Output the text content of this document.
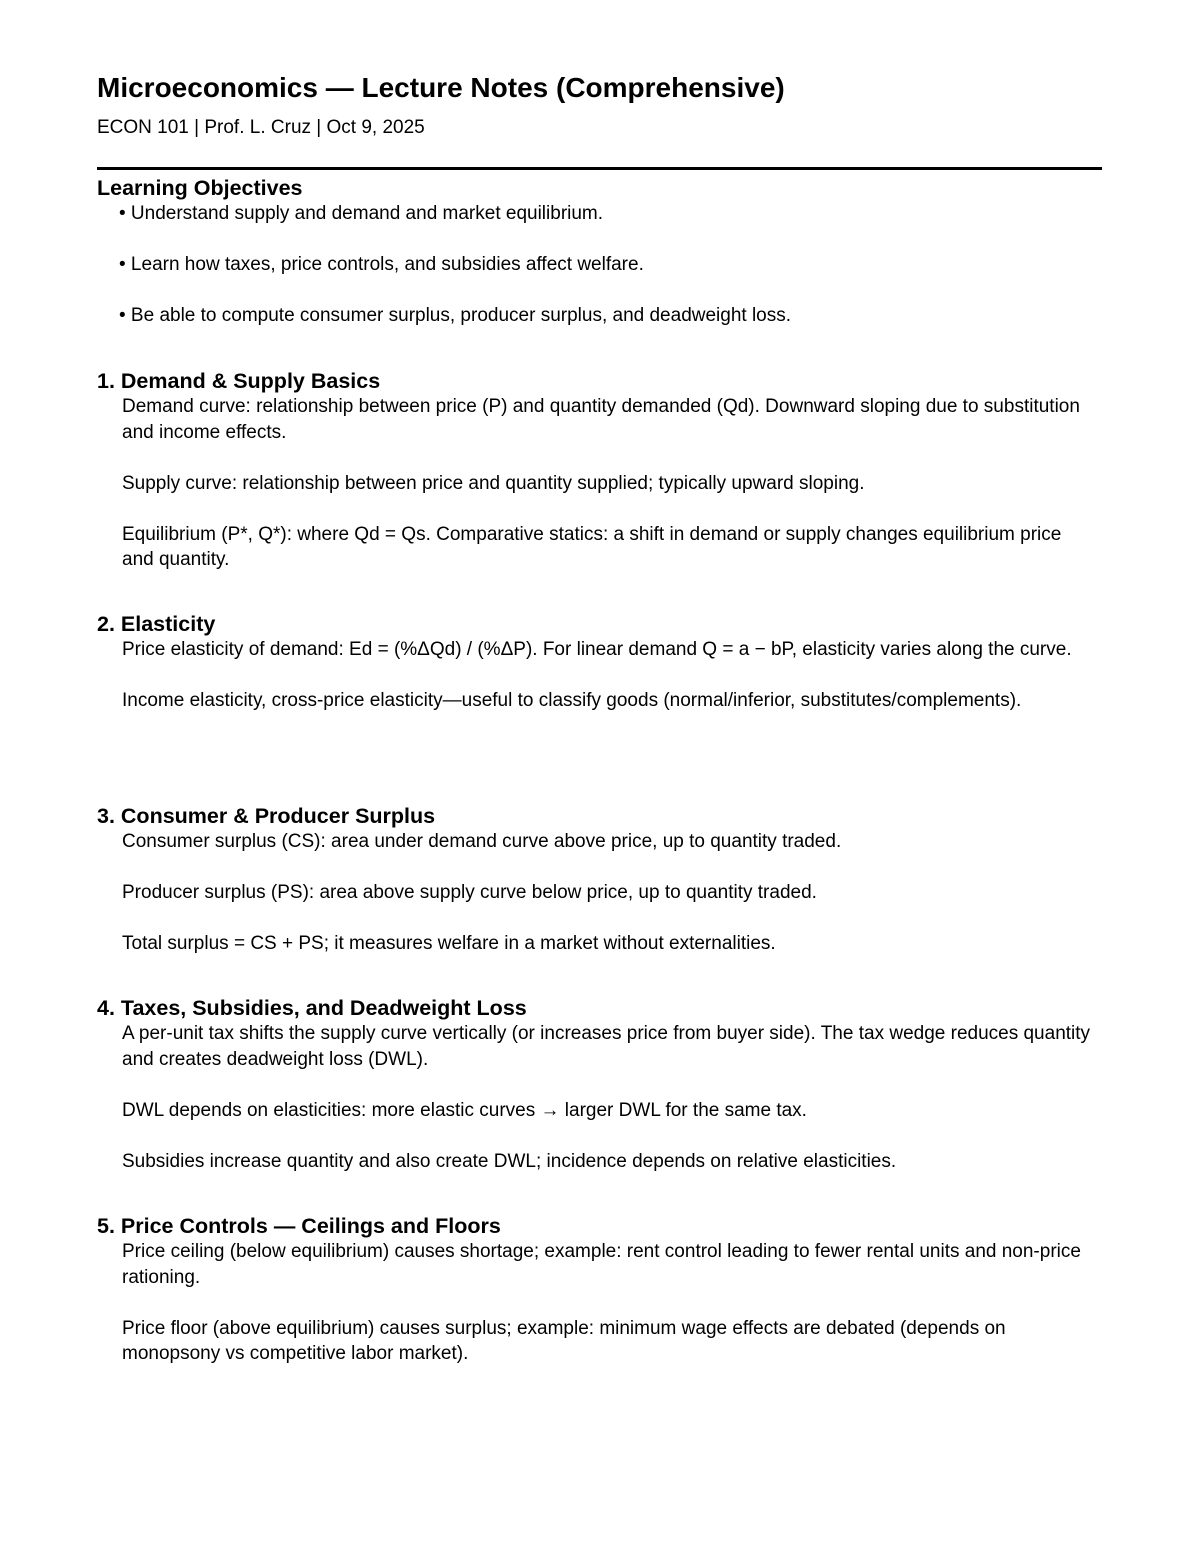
Microeconomics — Lecture Notes (Comprehensive)

ECON 101 | Prof. L. Cruz | Oct 9, 2025

Learning Objectives

• Understand supply and demand and market equilibrium.

• Learn how taxes, price controls, and subsidies affect welfare.

• Be able to compute consumer surplus, producer surplus, and deadweight loss.

1. Demand & Supply Basics

Demand curve: relationship between price (P) and quantity demanded (Qd). Downward sloping due to substitution and income effects.

Supply curve: relationship between price and quantity supplied; typically upward sloping.

Equilibrium (P*, Q*): where Qd = Qs. Comparative statics: a shift in demand or supply changes equilibrium price and quantity.

2. Elasticity

Price elasticity of demand: Ed = (%ΔQd) / (%ΔP). For linear demand Q = a − bP, elasticity varies along the curve.

Income elasticity, cross-price elasticity—useful to classify goods (normal/inferior, substitutes/complements).

3. Consumer & Producer Surplus

Consumer surplus (CS): area under demand curve above price, up to quantity traded.

Producer surplus (PS): area above supply curve below price, up to quantity traded.

Total surplus = CS + PS; it measures welfare in a market without externalities.

4. Taxes, Subsidies, and Deadweight Loss

A per-unit tax shifts the supply curve vertically (or increases price from buyer side). The tax wedge reduces quantity and creates deadweight loss (DWL).

DWL depends on elasticities: more elastic curves → larger DWL for the same tax.

Subsidies increase quantity and also create DWL; incidence depends on relative elasticities.

5. Price Controls — Ceilings and Floors

Price ceiling (below equilibrium) causes shortage; example: rent control leading to fewer rental units and non-price rationing.

Price floor (above equilibrium) causes surplus; example: minimum wage effects are debated (depends on monopsony vs competitive labor market).
